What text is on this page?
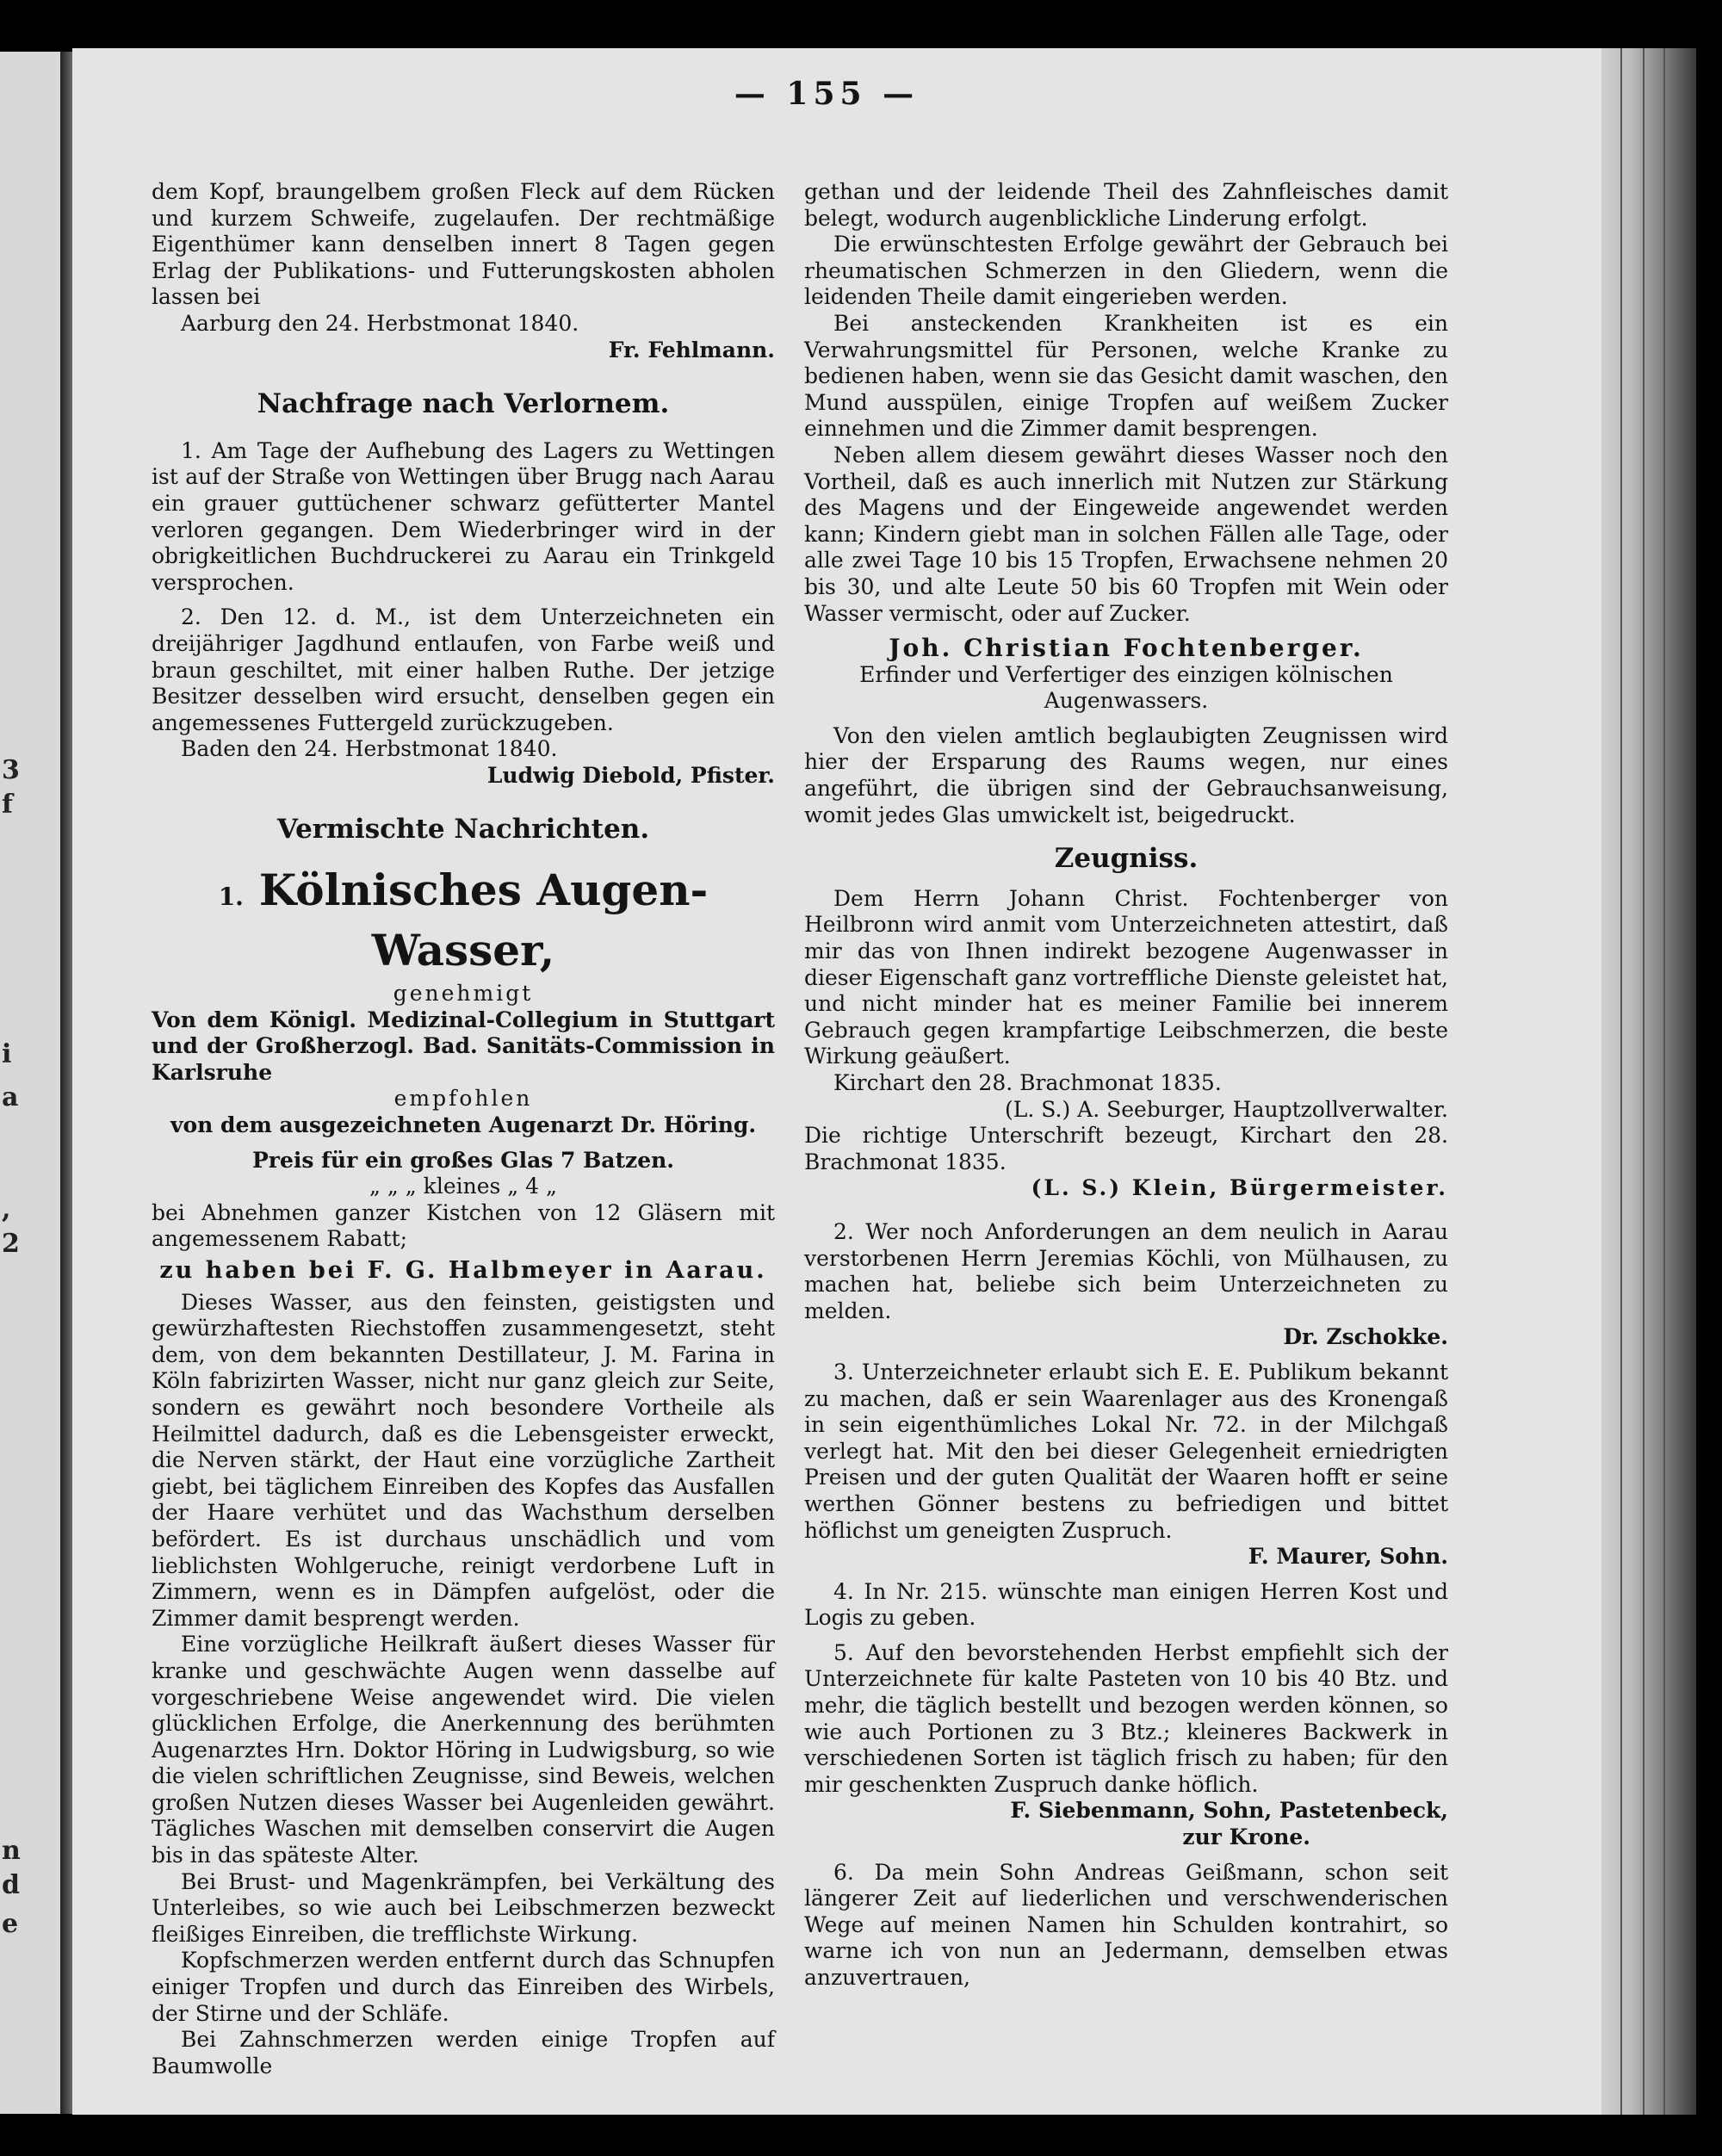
3
f
,
2
n
d
i
a
e
— 155 —

dem Kopf, braungelbem großen Fleck auf dem Rücken und kurzem Schweife, zugelaufen. Der rechtmäßige Eigenthümer kann denselben innert 8 Tagen gegen Erlag der Publikations- und Futterungskosten abholen lassen bei

Aarburg den 24. Herbstmonat 1840.

Fr. Fehlmann.

Nachfrage nach Verlornem.

1. Am Tage der Aufhebung des Lagers zu Wettingen ist auf der Straße von Wettingen über Brugg nach Aarau ein grauer guttüchener schwarz gefütterter Mantel verloren gegangen. Dem Wiederbringer wird in der obrigkeitlichen Buchdruckerei zu Aarau ein Trinkgeld versprochen.

2. Den 12. d. M., ist dem Unterzeichneten ein dreijähriger Jagdhund entlaufen, von Farbe weiß und braun geschiltet, mit einer halben Ruthe. Der jetzige Besitzer desselben wird ersucht, denselben gegen ein angemessenes Futtergeld zurückzugeben.

Baden den 24. Herbstmonat 1840.

Ludwig Diebold, Pfister.

Vermischte Nachrichten.
1. Kölnisches Augen-Wasser,

genehmigt

Von dem Königl. Medizinal-Collegium in Stuttgart und der Großherzogl. Bad. Sanitäts-Commission in Karlsruhe

empfohlen

von dem ausgezeichneten Augenarzt Dr. Höring.

Preis für ein großes Glas 7 Batzen.

„ „ „ kleines „ 4 „

bei Abnehmen ganzer Kistchen von 12 Gläsern mit angemessenem Rabatt;

zu haben bei F. G. Halbmeyer in Aarau.

Dieses Wasser, aus den feinsten, geistigsten und gewürzhaftesten Riechstoffen zusammengesetzt, steht dem, von dem bekannten Destillateur, J. M. Farina in Köln fabrizirten Wasser, nicht nur ganz gleich zur Seite, sondern es gewährt noch besondere Vortheile als Heilmittel dadurch, daß es die Lebensgeister erweckt, die Nerven stärkt, der Haut eine vorzügliche Zartheit giebt, bei täglichem Einreiben des Kopfes das Ausfallen der Haare verhütet und das Wachsthum derselben befördert. Es ist durchaus unschädlich und vom lieblichsten Wohlgeruche, reinigt verdorbene Luft in Zimmern, wenn es in Dämpfen aufgelöst, oder die Zimmer damit besprengt werden.

Eine vorzügliche Heilkraft äußert dieses Wasser für kranke und geschwächte Augen wenn dasselbe auf vorgeschriebene Weise angewendet wird. Die vielen glücklichen Erfolge, die Anerkennung des berühmten Augenarztes Hrn. Doktor Höring in Ludwigsburg, so wie die vielen schriftlichen Zeugnisse, sind Beweis, welchen großen Nutzen dieses Wasser bei Augenleiden gewährt. Tägliches Waschen mit demselben conservirt die Augen bis in das späteste Alter.

Bei Brust- und Magenkrämpfen, bei Verkältung des Unterleibes, so wie auch bei Leibschmerzen bezweckt fleißiges Einreiben, die trefflichste Wirkung.

Kopfschmerzen werden entfernt durch das Schnupfen einiger Tropfen und durch das Einreiben des Wirbels, der Stirne und der Schläfe.

Bei Zahnschmerzen werden einige Tropfen auf Baumwolle

gethan und der leidende Theil des Zahnfleisches damit belegt, wodurch augenblickliche Linderung erfolgt.

Die erwünschtesten Erfolge gewährt der Gebrauch bei rheumatischen Schmerzen in den Gliedern, wenn die leidenden Theile damit eingerieben werden.

Bei ansteckenden Krankheiten ist es ein Verwahrungsmittel für Personen, welche Kranke zu bedienen haben, wenn sie das Gesicht damit waschen, den Mund ausspülen, einige Tropfen auf weißem Zucker einnehmen und die Zimmer damit besprengen.

Neben allem diesem gewährt dieses Wasser noch den Vortheil, daß es auch innerlich mit Nutzen zur Stärkung des Magens und der Eingeweide angewendet werden kann; Kindern giebt man in solchen Fällen alle Tage, oder alle zwei Tage 10 bis 15 Tropfen, Erwachsene nehmen 20 bis 30, und alte Leute 50 bis 60 Tropfen mit Wein oder Wasser vermischt, oder auf Zucker.

Joh. Christian Fochtenberger.

Erfinder und Verfertiger des einzigen kölnischen Augenwassers.

Von den vielen amtlich beglaubigten Zeugnissen wird hier der Ersparung des Raums wegen, nur eines angeführt, die übrigen sind der Gebrauchsanweisung, womit jedes Glas umwickelt ist, beigedruckt.

Zeugniss.

Dem Herrn Johann Christ. Fochtenberger von Heilbronn wird anmit vom Unterzeichneten attestirt, daß mir das von Ihnen indirekt bezogene Augenwasser in dieser Eigenschaft ganz vortreffliche Dienste geleistet hat, und nicht minder hat es meiner Familie bei innerem Gebrauch gegen krampfartige Leibschmerzen, die beste Wirkung geäußert.

Kirchart den 28. Brachmonat 1835.

(L. S.) A. Seeburger, Hauptzollverwalter.

Die richtige Unterschrift bezeugt, Kirchart den 28. Brachmonat 1835.

(L. S.) Klein, Bürgermeister.

2. Wer noch Anforderungen an dem neulich in Aarau verstorbenen Herrn Jeremias Köchli, von Mülhausen, zu machen hat, beliebe sich beim Unterzeichneten zu melden.

Dr. Zschokke.

3. Unterzeichneter erlaubt sich E. E. Publikum bekannt zu machen, daß er sein Waarenlager aus des Kronengaß in sein eigenthümliches Lokal Nr. 72. in der Milchgaß verlegt hat. Mit den bei dieser Gelegenheit erniedrigten Preisen und der guten Qualität der Waaren hofft er seine werthen Gönner bestens zu befriedigen und bittet höflichst um geneigten Zuspruch.

F. Maurer, Sohn.

4. In Nr. 215. wünschte man einigen Herren Kost und Logis zu geben.

5. Auf den bevorstehenden Herbst empfiehlt sich der Unterzeichnete für kalte Pasteten von 10 bis 40 Btz. und mehr, die täglich bestellt und bezogen werden können, so wie auch Portionen zu 3 Btz.; kleineres Backwerk in verschiedenen Sorten ist täglich frisch zu haben; für den mir geschenkten Zuspruch danke höflich.

F. Siebenmann, Sohn, Pastetenbeck,

zur Krone.

6. Da mein Sohn Andreas Geißmann, schon seit längerer Zeit auf liederlichen und verschwenderischen Wege auf meinen Namen hin Schulden kontrahirt, so warne ich von nun an Jedermann, demselben etwas anzuvertrauen,
